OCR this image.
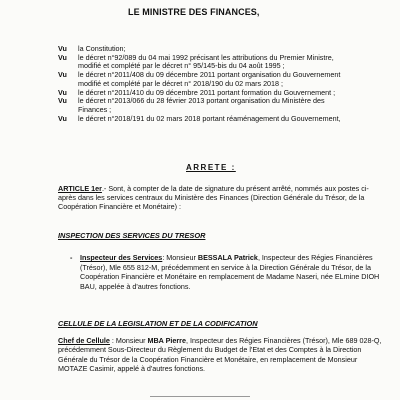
LE MINISTRE DES FINANCES,
Vu	la Constitution;
Vu	le décret n°92/089 du 04 mai 1992 précisant les attributions du Premier Ministre,
modifié et complété par le décret n° 95/145-bis du 04 août 1995 ;
Vu	le décret n°2011/408 du 09 décembre 2011 portant organisation du Gouvernement
modifié et complété par le décret n° 2018/190 du 02 mars 2018 ;
Vu	le décret n°2011/410 du 09 décembre 2011 portant formation du Gouvernement ;
Vu	le décret n°2013/066 du 28 février 2013 portant organisation du Ministère des
Finances ;
Vu	le décret n°2018/191 du 02 mars 2018 portant réaménagement du Gouvernement,
ARRETE :
ARTICLE 1er.- Sont, à compter de la date de signature du présent arrêté, nommés aux postes ci-après dans les services centraux du Ministère des Finances (Direction Générale du Trésor, de la Coopération Financière et Monétaire) :
INSPECTION DES SERVICES DU TRESOR
- Inspecteur des Services: Monsieur BESSALA Patrick, Inspecteur des Régies Financières (Trésor), Mle 655 812-M, précédemment en service à la Direction Générale du Trésor, de la Coopération Financière et Monétaire en remplacement de Madame Naseri, née ELmine DIOH BAU, appelée à d'autres fonctions.
CELLULE DE LA LEGISLATION ET DE LA CODIFICATION
Chef de Cellule : Monsieur MBA Pierre, Inspecteur des Régies Financières (Trésor), Mle 689 028-Q, précédemment Sous-Directeur du Règlement du Budget de l'Etat et des Comptes à la Direction Générale du Trésor de la Coopération Financière et Monétaire, en remplacement de Monsieur MOTAZE Casimir, appelé à d'autres fonctions.
